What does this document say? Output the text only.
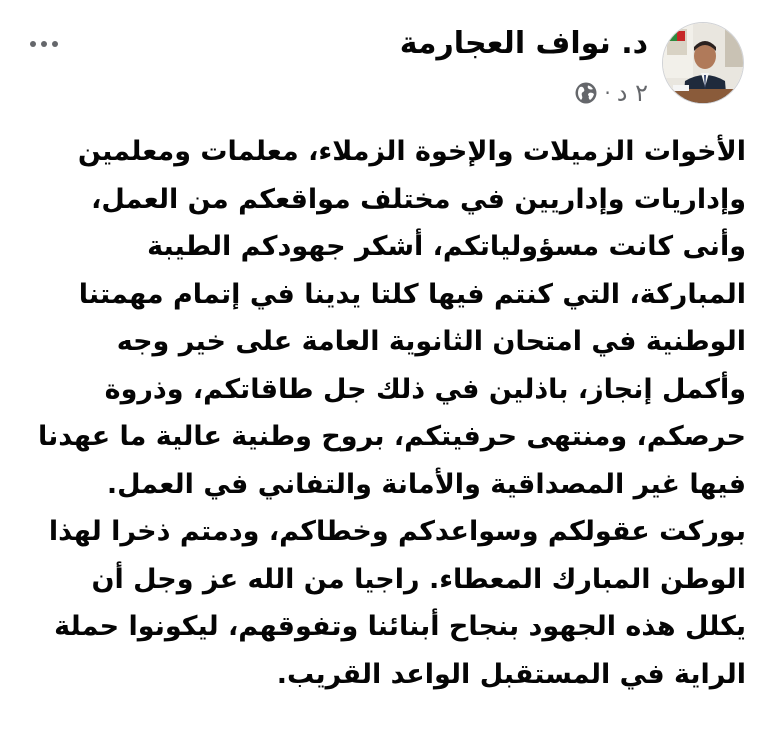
د. نواف العجارمة
٢ د
·

الأخوات الزميلات والإخوة الزملاء، معلمات ومعلمين وإداريات وإداريين في مختلف مواقعكم من العمل، وأنى كانت مسؤولياتكم، أشكر جهودكم الطيبة المباركة، التي كنتم فيها كلتا يدينا في إتمام مهمتنا الوطنية في امتحان الثانوية العامة على خير وجه وأكمل إنجاز، باذلين في ذلك جل طاقاتكم، وذروة حرصكم، ومنتهى حرفيتكم، بروح وطنية عالية ما عهدنا فيها غير المصداقية والأمانة والتفاني في العمل.

بوركت عقولكم وسواعدكم وخطاكم، ودمتم ذخرا لهذا الوطن المبارك المعطاء. راجيا من الله عز وجل أن يكلل هذه الجهود بنجاح أبنائنا وتفوقهم، ليكونوا حملة الراية في المستقبل الواعد القريب.
